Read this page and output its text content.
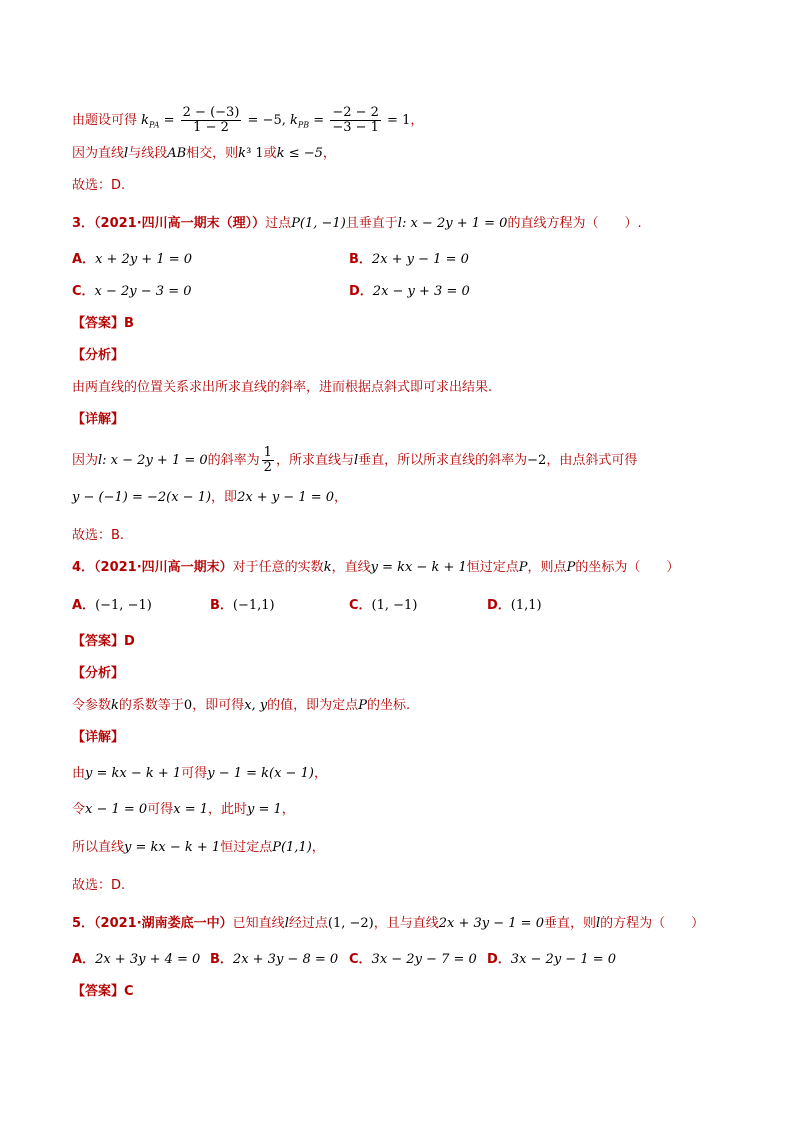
由题设可得 $k_{PA} = \frac{2 - (-3)}{1 - 2} = -5$, $k_{PB} = \frac{-2 - 2}{-3 - 1} = 1$，
因为直线l与线段AB相交，则k³ 1或k ≤ −5，
故选：D.
3．（2021·四川高一期末（理））过点P(1, −1)且垂直于l: x − 2y + 1 = 0的直线方程为（　　）.
A．x + 2y + 1 = 0	B．2x + y − 1 = 0
C．x − 2y − 3 = 0	D．2x − y + 3 = 0
【答案】B
【分析】
由两直线的位置关系求出所求直线的斜率，进而根据点斜式即可求出结果.
【详解】
因为l: x − 2y + 1 = 0的斜率为 $\frac{1}{2}$ ，所求直线与l垂直，所以所求直线的斜率为−2，由点斜式可得
y − (−1) = −2(x − 1)，即2x + y − 1 = 0，
故选：B.
4．（2021·四川高一期末）对于任意的实数k，直线y = kx − k + 1恒过定点P，则点P的坐标为（　　）
A．(−1, −1)	B．(−1,1)	C．(1, −1)	D．(1,1)
【答案】D
【分析】
令参数k的系数等于0，即可得x, y的值，即为定点P的坐标.
【详解】
由y = kx − k + 1可得y − 1 = k(x − 1)，
令x − 1 = 0可得x = 1，此时y = 1，
所以直线y = kx − k + 1恒过定点P(1,1)，
故选：D.
5．（2021·湖南娄底一中）已知直线l经过点(1, −2)，且与直线2x + 3y − 1 = 0垂直，则l的方程为（　　）
A．2x + 3y + 4 = 0 B．2x + 3y − 8 = 0 C．3x − 2y − 7 = 0 D．3x − 2y − 1 = 0
【答案】C
